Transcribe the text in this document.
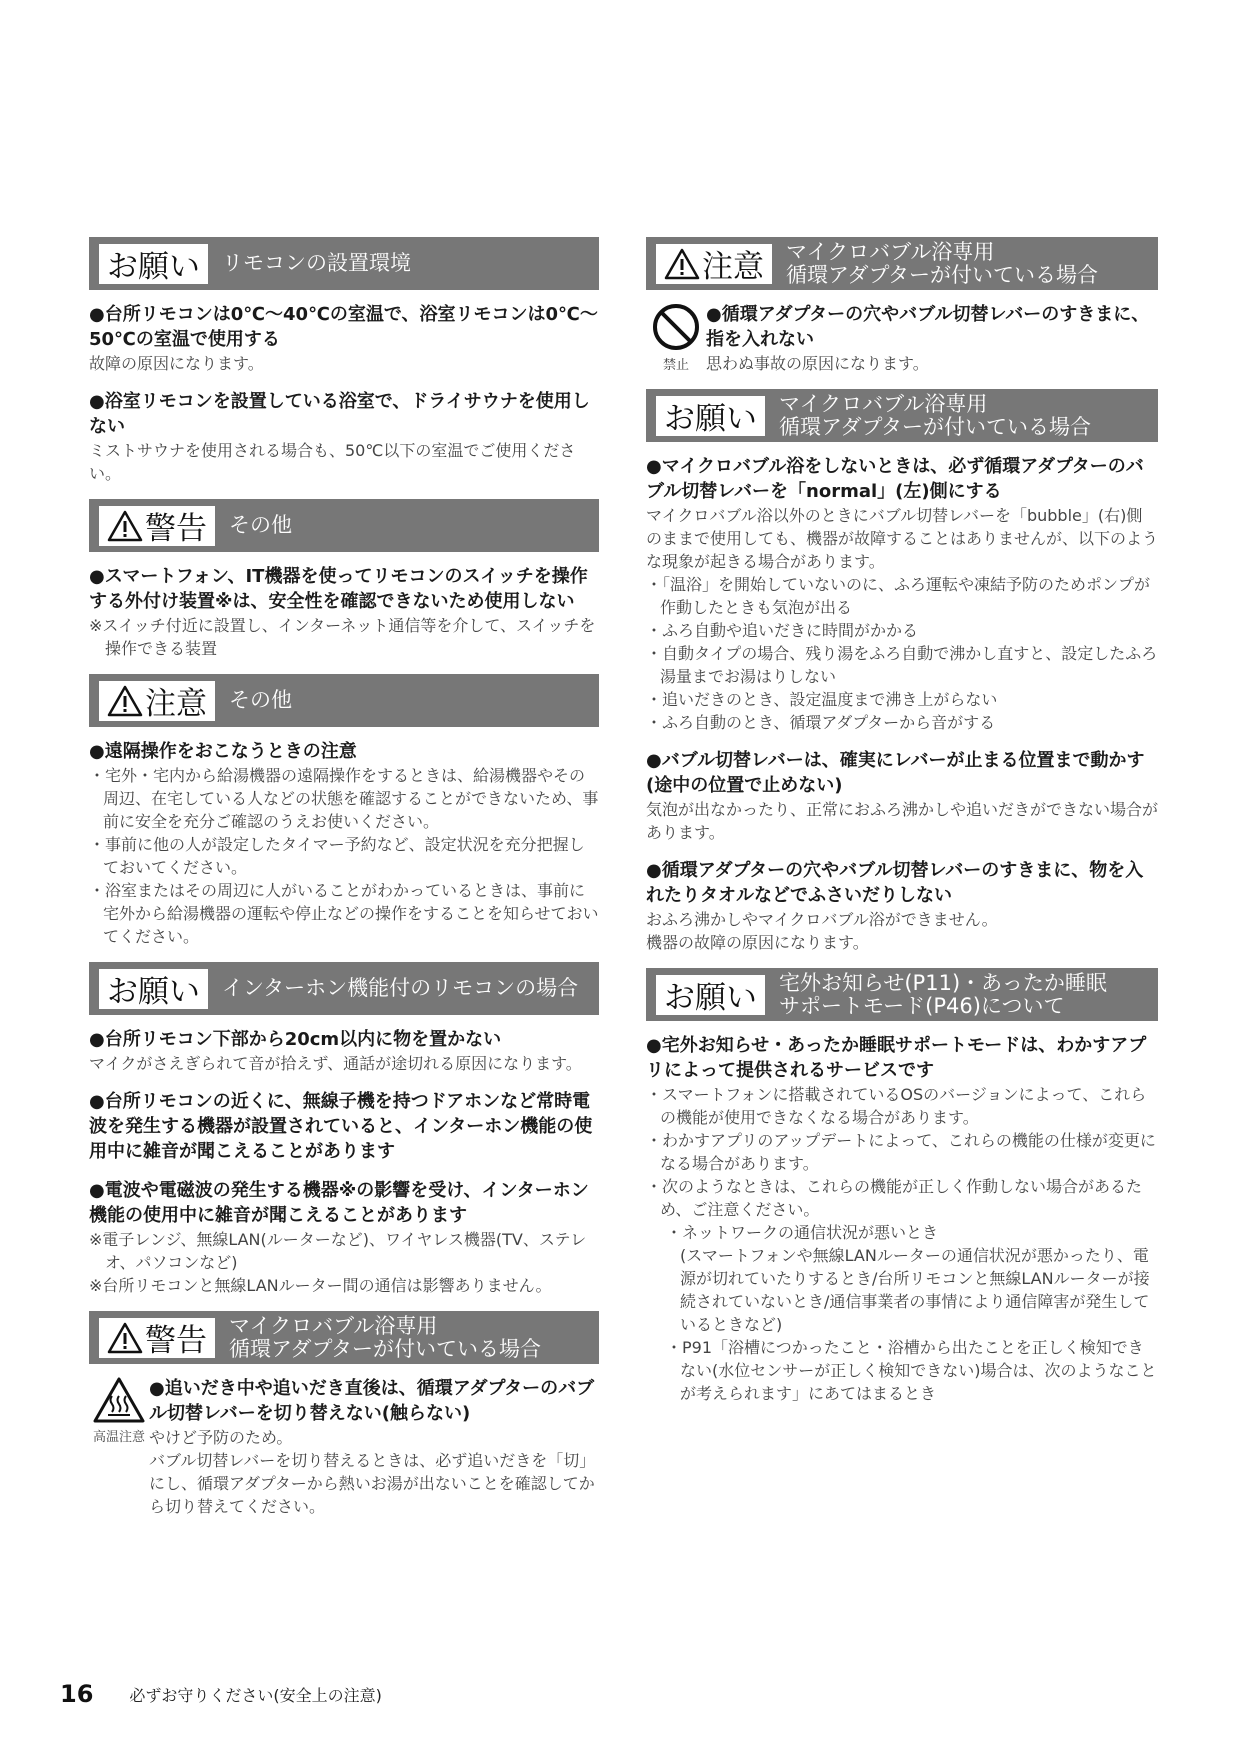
お願い リモコンの設置環境
●台所リモコンは0℃～40℃の室温で、浴室リモコンは0℃～50℃の室温で使用する
故障の原因になります。
●浴室リモコンを設置している浴室で、ドライサウナを使用しない
ミストサウナを使用される場合も、50℃以下の室温でご使用ください。
警告 その他
●スマートフォン、IT機器を使ってリモコンのスイッチを操作する外付け装置※は、安全性を確認できないため使用しない
※スイッチ付近に設置し、インターネット通信等を介して、スイッチを操作できる装置
注意 その他
●遠隔操作をおこなうときの注意
・宅外・宅内から給湯機器の遠隔操作をするときは、給湯機器やその周辺、在宅している人などの状態を確認することができないため、事前に安全を充分ご確認のうえお使いください。
・事前に他の人が設定したタイマー予約など、設定状況を充分把握しておいてください。
・浴室またはその周辺に人がいることがわかっているときは、事前に宅外から給湯機器の運転や停止などの操作をすることを知らせておいてください。
お願い インターホン機能付のリモコンの場合
●台所リモコン下部から20cm以内に物を置かない
マイクがさえぎられて音が拾えず、通話が途切れる原因になります。
●台所リモコンの近くに、無線子機を持つドアホンなど常時電波を発生する機器が設置されていると、インターホン機能の使用中に雑音が聞こえることがあります
●電波や電磁波の発生する機器※の影響を受け、インターホン機能の使用中に雑音が聞こえることがあります
※電子レンジ、無線LAN(ルーターなど)、ワイヤレス機器(TV、ステレオ、パソコンなど)
※台所リモコンと無線LANルーター間の通信は影響ありません。
警告 マイクロバブル浴専用
循環アダプターが付いている場合
高温注意
●追いだき中や追いだき直後は、循環アダプターのバブル切替レバーを切り替えない(触らない)
やけど予防のため。
バブル切替レバーを切り替えるときは、必ず追いだきを「切」にし、循環アダプターから熱いお湯が出ないことを確認してから切り替えてください。
注意 マイクロバブル浴専用
循環アダプターが付いている場合
禁止
●循環アダプターの穴やバブル切替レバーのすきまに、指を入れない
思わぬ事故の原因になります。
お願い マイクロバブル浴専用
循環アダプターが付いている場合
●マイクロバブル浴をしないときは、必ず循環アダプターのバブル切替レバーを「normal」(左)側にする
マイクロバブル浴以外のときにバブル切替レバーを「bubble」(右)側のままで使用しても、機器が故障することはありませんが、以下のような現象が起きる場合があります。
・「温浴」を開始していないのに、ふろ運転や凍結予防のためポンプが作動したときも気泡が出る
・ふろ自動や追いだきに時間がかかる
・自動タイプの場合、残り湯をふろ自動で沸かし直すと、設定したふろ湯量までお湯はりしない
・追いだきのとき、設定温度まで沸き上がらない
・ふろ自動のとき、循環アダプターから音がする
●バブル切替レバーは、確実にレバーが止まる位置まで動かす(途中の位置で止めない)
気泡が出なかったり、正常におふろ沸かしや追いだきができない場合があります。
●循環アダプターの穴やバブル切替レバーのすきまに、物を入れたりタオルなどでふさいだりしない
おふろ沸かしやマイクロバブル浴ができません。
機器の故障の原因になります。
お願い 宅外お知らせ(P11)・あったか睡眠
サポートモード(P46)について
●宅外お知らせ・あったか睡眠サポートモードは、わかすアプリによって提供されるサービスです
・スマートフォンに搭載されているOSのバージョンによって、これらの機能が使用できなくなる場合があります。
・わかすアプリのアップデートによって、これらの機能の仕様が変更になる場合があります。
・次のようなときは、これらの機能が正しく作動しない場合があるため、ご注意ください。
・ネットワークの通信状況が悪いとき
(スマートフォンや無線LANルーターの通信状況が悪かったり、電源が切れていたりするとき/台所リモコンと無線LANルーターが接続されていないとき/通信事業者の事情により通信障害が発生しているときなど)
・P91「浴槽につかったこと・浴槽から出たことを正しく検知できない(水位センサーが正しく検知できない)場合は、次のようなことが考えられます」にあてはまるとき
16 必ずお守りください(安全上の注意)
